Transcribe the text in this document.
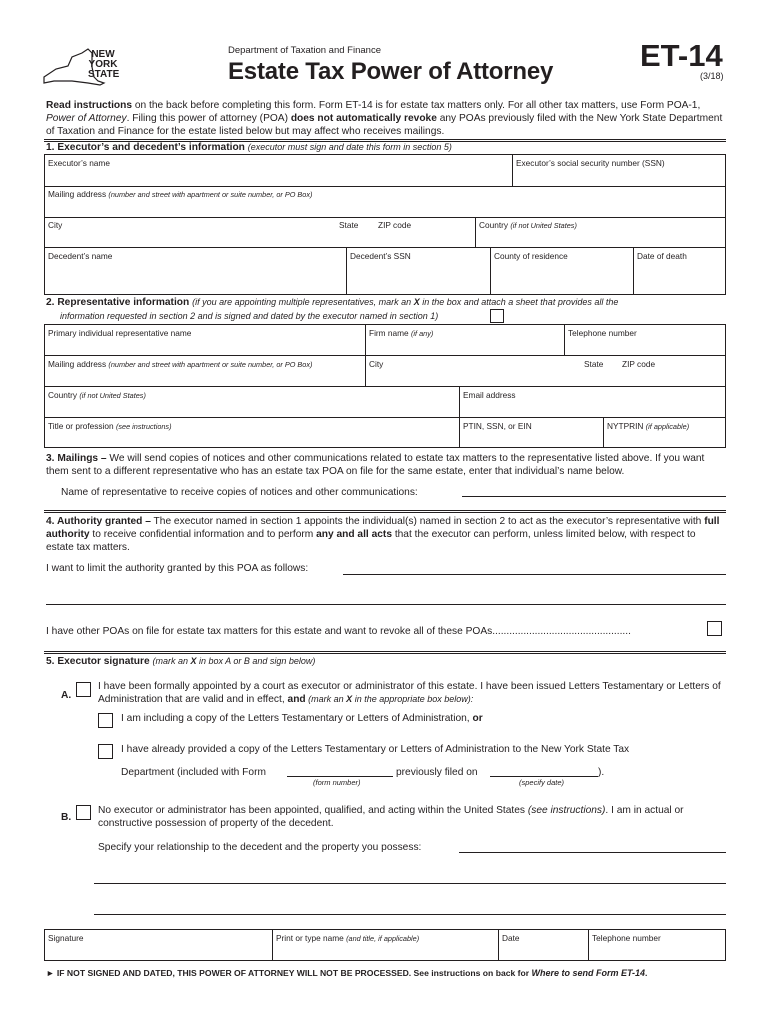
NEW YORK STATE
Department of Taxation and Finance
Estate Tax Power of Attorney	ET-14
(3/18)
Read instructions on the back before completing this form. Form ET-14 is for estate tax matters only. For all other tax matters, use Form POA-1, Power of Attorney. Filing this power of attorney (POA) does not automatically revoke any POAs previously filed with the New York State Department of Taxation and Finance for the estate listed below but may affect who receives mailings.
1. Executor’s and decedent’s information (executor must sign and date this form in section 5)
Executor’s name	Executor’s social security number (SSN)
Mailing address (number and street with apartment or suite number, or PO Box)
City	State ZIP code	Country (if not United States)
Decedent’s name	Decedent’s SSN	County of residence	Date of death
2. Representative information (if you are appointing multiple representatives, mark an X in the box and attach a sheet that provides all the
information requested in section 2 and is signed and dated by the executor named in section 1)
Primary individual representative name	Firm name (if any)	Telephone number
Mailing address (number and street with apartment or suite number, or PO Box)	City	State ZIP code
Country (if not United States)	Email address
Title or profession (see instructions)	PTIN, SSN, or EIN	NYTPRIN (if applicable)
3. Mailings – We will send copies of notices and other communications related to estate tax matters to the representative listed above. If you want them sent to a different representative who has an estate tax POA on file for the same estate, enter that individual’s name below.
Name of representative to receive copies of notices and other communications:
4. Authority granted – The executor named in section 1 appoints the individual(s) named in section 2 to act as the executor’s representative with full authority to receive confidential information and to perform any and all acts that the executor can perform, unless limited below, with respect to estate tax matters.
I want to limit the authority granted by this POA as follows:
I have other POAs on file for estate tax matters for this estate and want to revoke all of these POAs.................................................
5. Executor signature (mark an X in box A or B and sign below)
A.
I have been formally appointed by a court as executor or administrator of this estate. I have been issued Letters Testamentary or Letters of Administration that are valid and in effect, and (mark an X in the appropriate box below):
I am including a copy of the Letters Testamentary or Letters of Administration, or
I have already provided a copy of the Letters Testamentary or Letters of Administration to the New York State Tax
Department (included with Form
(form number)
previously filed on
(specify date)
).
B.
No executor or administrator has been appointed, qualified, and acting within the United States (see instructions). I am in actual or constructive possession of property of the decedent.
Specify your relationship to the decedent and the property you possess:
Signature	Print or type name (and title, if applicable)	Date	Telephone number
► IF NOT SIGNED AND DATED, THIS POWER OF ATTORNEY WILL NOT BE PROCESSED. See instructions on back for Where to send Form ET-14.
